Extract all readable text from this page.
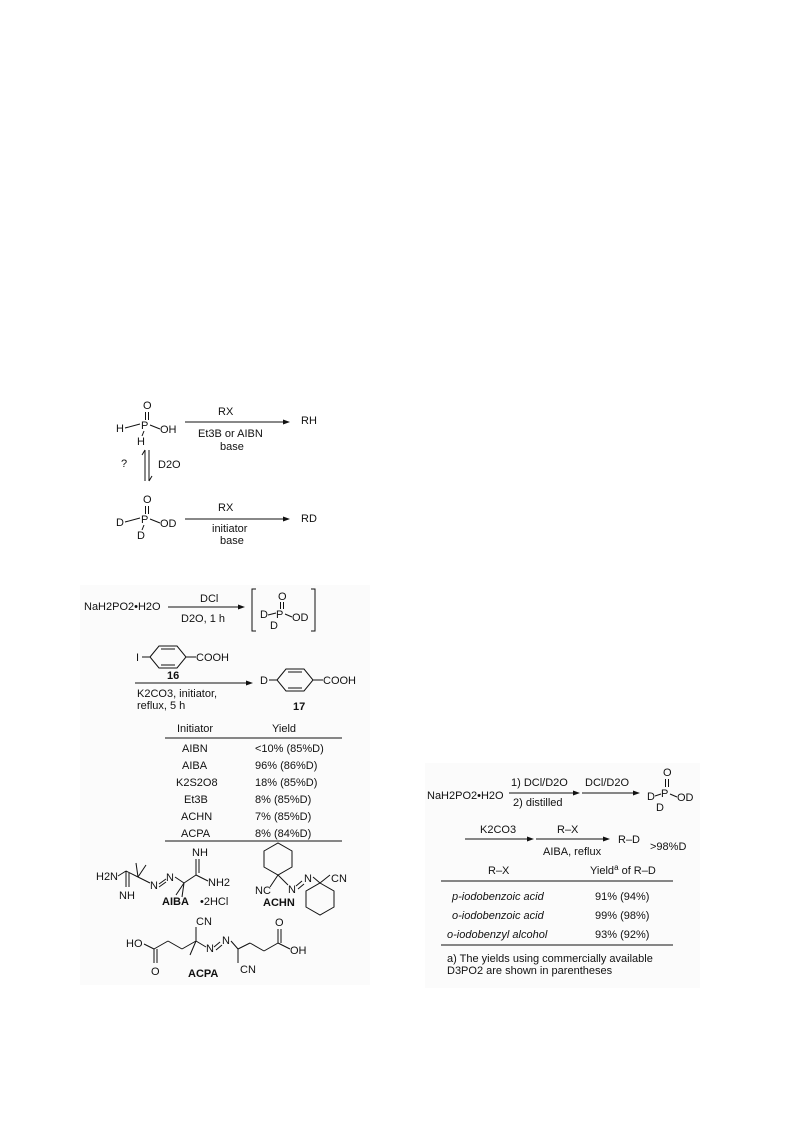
O
H P OH
H
RX
Et3B or AIBN
base
RH
?	D2O
O
D P OD
D
RX
initiator
base
RD
NaH2PO2•H2O
DCl
D2O, 1 h
O
D P OD
D
I	COOH
16
K2CO3, initiator,
reflux, 5 h
D	COOH
17
Initiator	Yield
AIBN	<10% (85%D)
AIBA	96% (86%D)
K2S2O8	18% (85%D)
Et3B	8% (85%D)
ACHN	7% (85%D)
ACPA	8% (84%D)
H2N
NH
N
N
NH
NH2
AIBA •2HCl
NC N
N CN
ACHN
HO
O
CN
N
N
CN
O
OH
ACPA
NaH2PO2•H2O
1) DCl/D2O
2) distilled
DCl/D2O
O
D P OD
D
K2CO3	R–X
AIBA, reflux
R–D
>98%D
R–X	Yield$^a$ of R–D
p-iodobenzoic acid	91% (94%)
o-iodobenzoic acid	99% (98%)
o-iodobenzyl alcohol	93% (92%)
a) The yields using commercially available
D3PO2 are shown in parentheses
